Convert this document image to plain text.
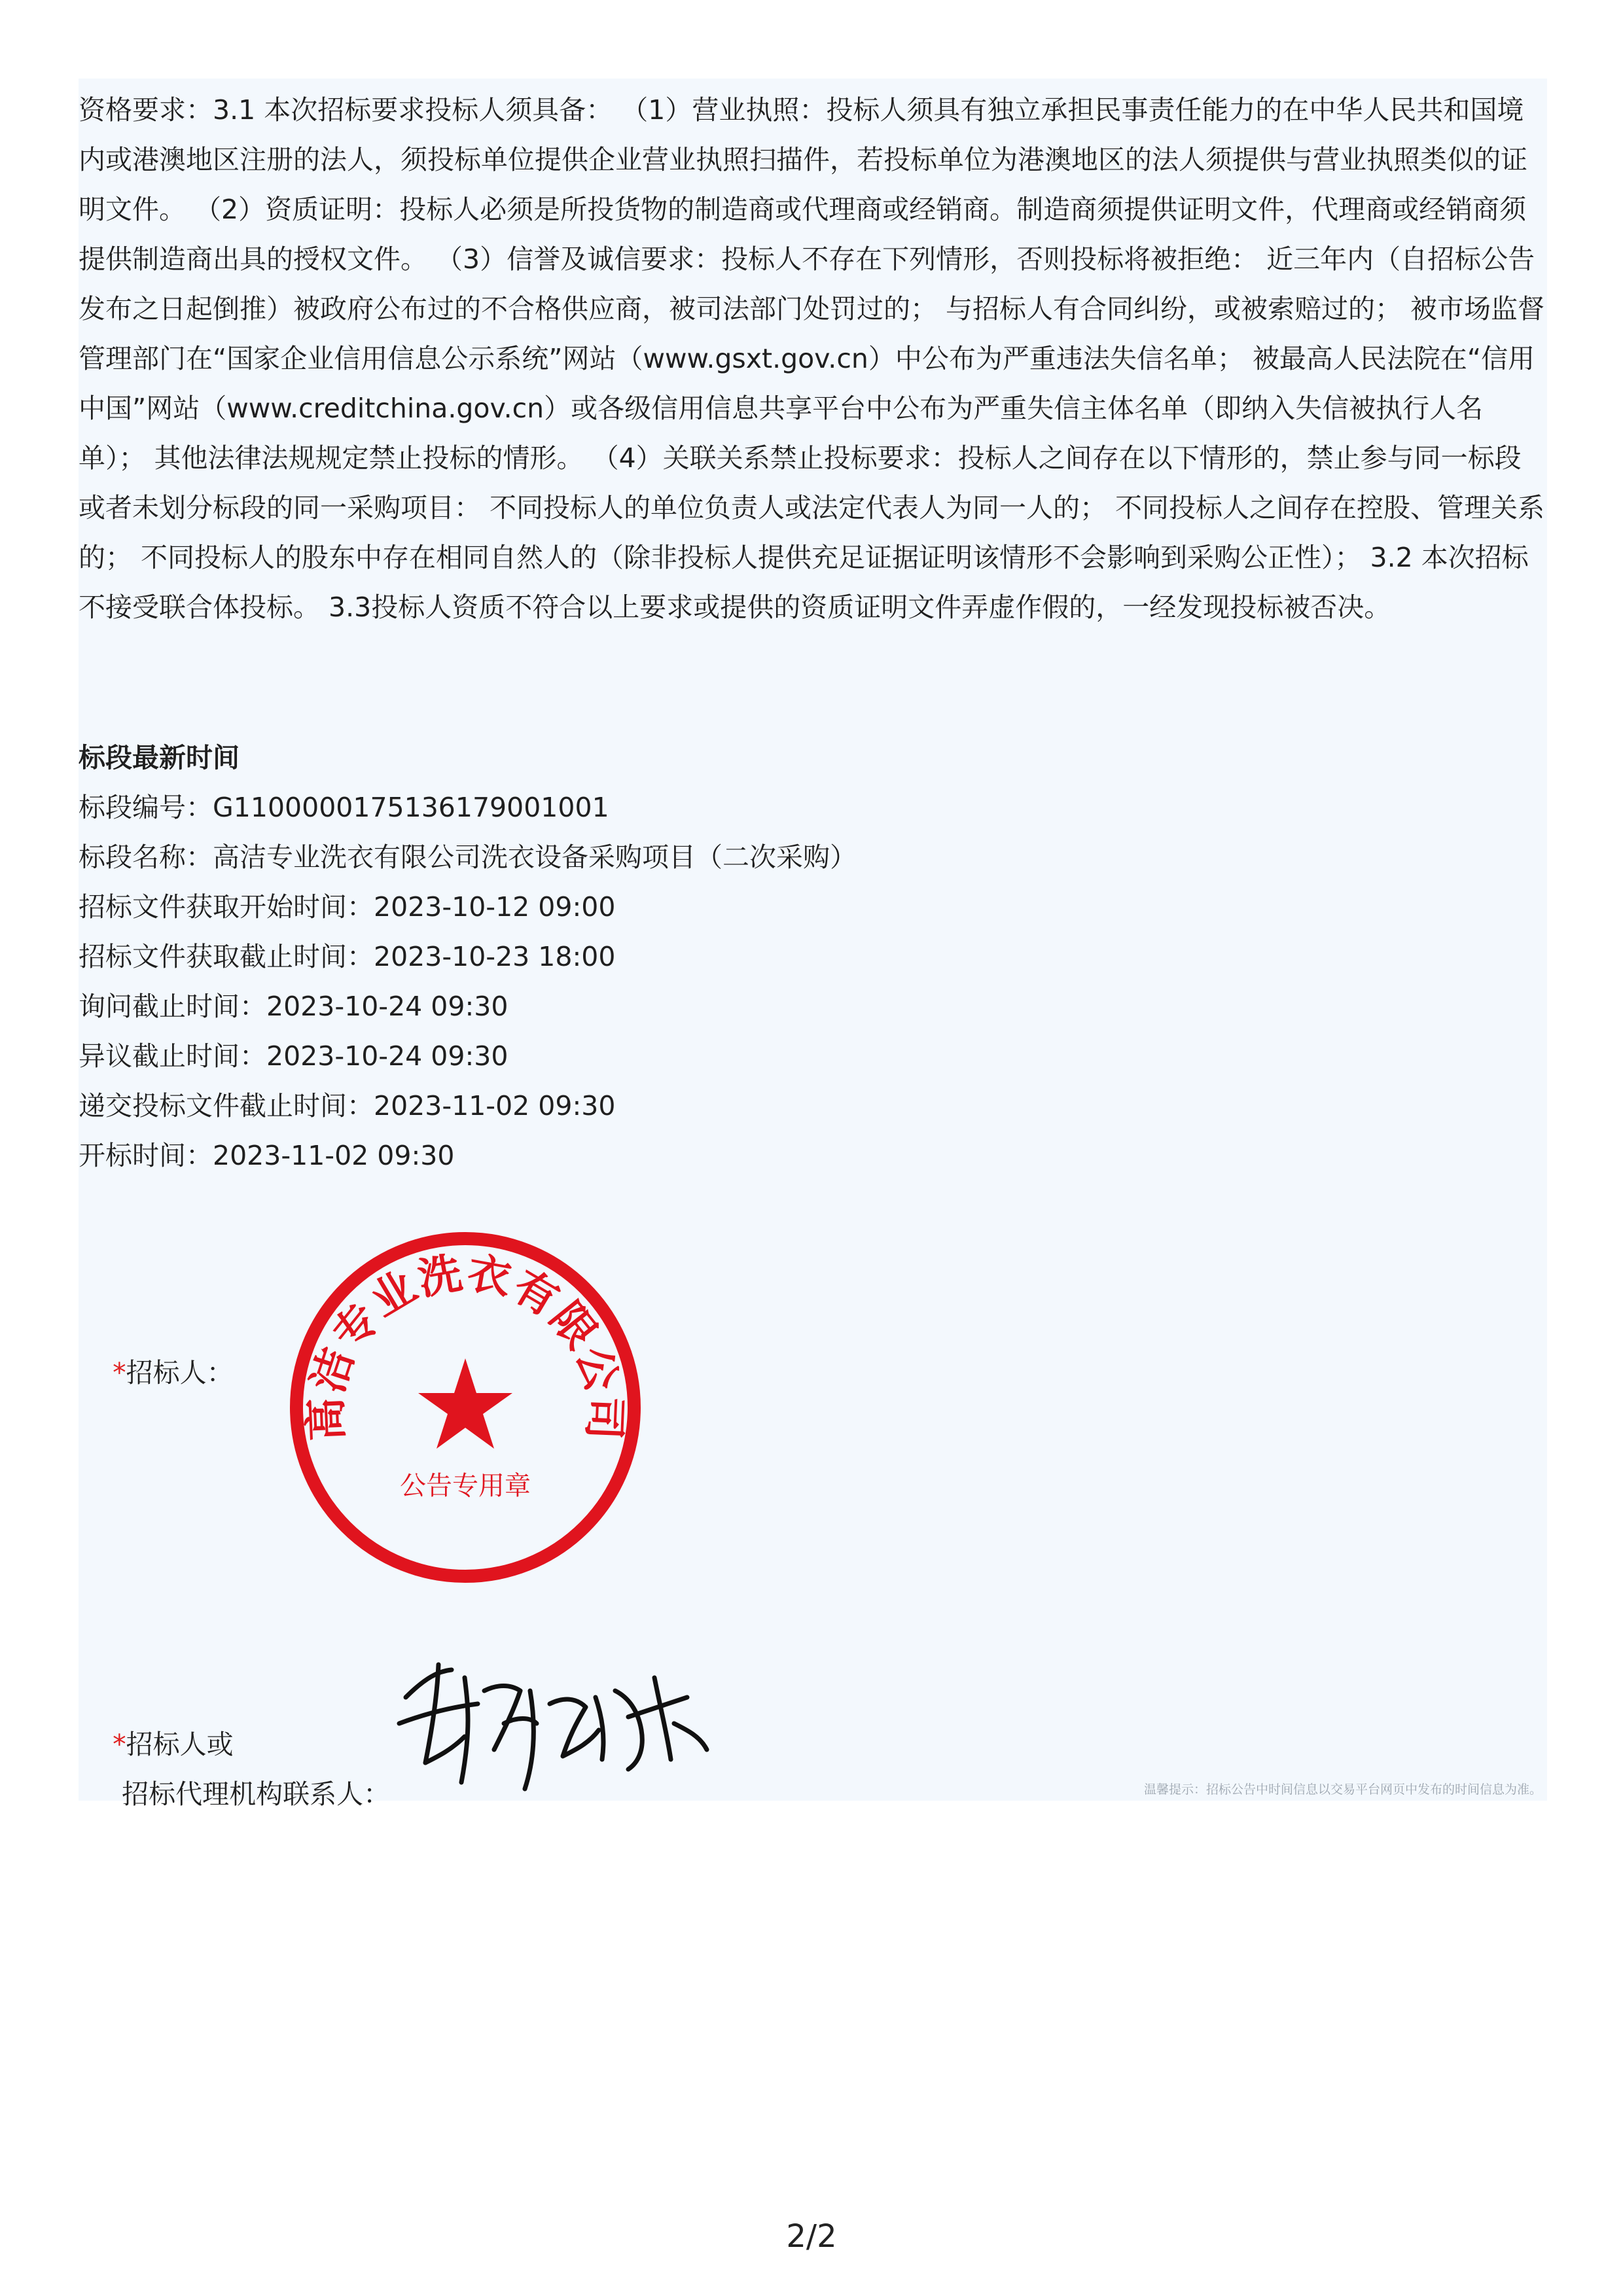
资格要求：3.1 本次招标要求投标人须具备： （1）营业执照：投标人须具有独立承担民事责任能力的在中华人民共和国境内或港澳地区注册的法人，须投标单位提供企业营业执照扫描件，若投标单位为港澳地区的法人须提供与营业执照类似的证明文件。 （2）资质证明：投标人必须是所投货物的制造商或代理商或经销商。制造商须提供证明文件，代理商或经销商须提供制造商出具的授权文件。 （3）信誉及诚信要求：投标人不存在下列情形，否则投标将被拒绝： 近三年内（自招标公告发布之日起倒推）被政府公布过的不合格供应商，被司法部门处罚过的； 与招标人有合同纠纷，或被索赔过的； 被市场监督管理部门在“国家企业信用信息公示系统”网站（www.gsxt.gov.cn）中公布为严重违法失信名单； 被最高人民法院在“信用中国”网站（www.creditchina.gov.cn）或各级信用信息共享平台中公布为严重失信主体名单（即纳入失信被执行人名单）； 其他法律法规规定禁止投标的情形。 （4）关联关系禁止投标要求：投标人之间存在以下情形的，禁止参与同一标段或者未划分标段的同一采购项目： 不同投标人的单位负责人或法定代表人为同一人的； 不同投标人之间存在控股、管理关系的； 不同投标人的股东中存在相同自然人的（除非投标人提供充足证据证明该情形不会影响到采购公正性）； 3.2 本次招标不接受联合体投标。 3.3投标人资质不符合以上要求或提供的资质证明文件弄虚作假的，一经发现投标被否决。

标段最新时间

标段编号：G1100000175136179001001

标段名称：高洁专业洗衣有限公司洗衣设备采购项目（二次采购）

招标文件获取开始时间：2023-10-12 09:00

招标文件获取截止时间：2023-10-23 18:00

询问截止时间：2023-10-24 09:30

异议截止时间：2023-10-24 09:30

递交投标文件截止时间：2023-11-02 09:30

开标时间：2023-11-02 09:30

*招标人：

*招标人或

招标代理机构联系人：

高洁专业洗衣有限公司
公告专用章
温馨提示：招标公告中时间信息以交易平台网页中发布的时间信息为准。
2/2
